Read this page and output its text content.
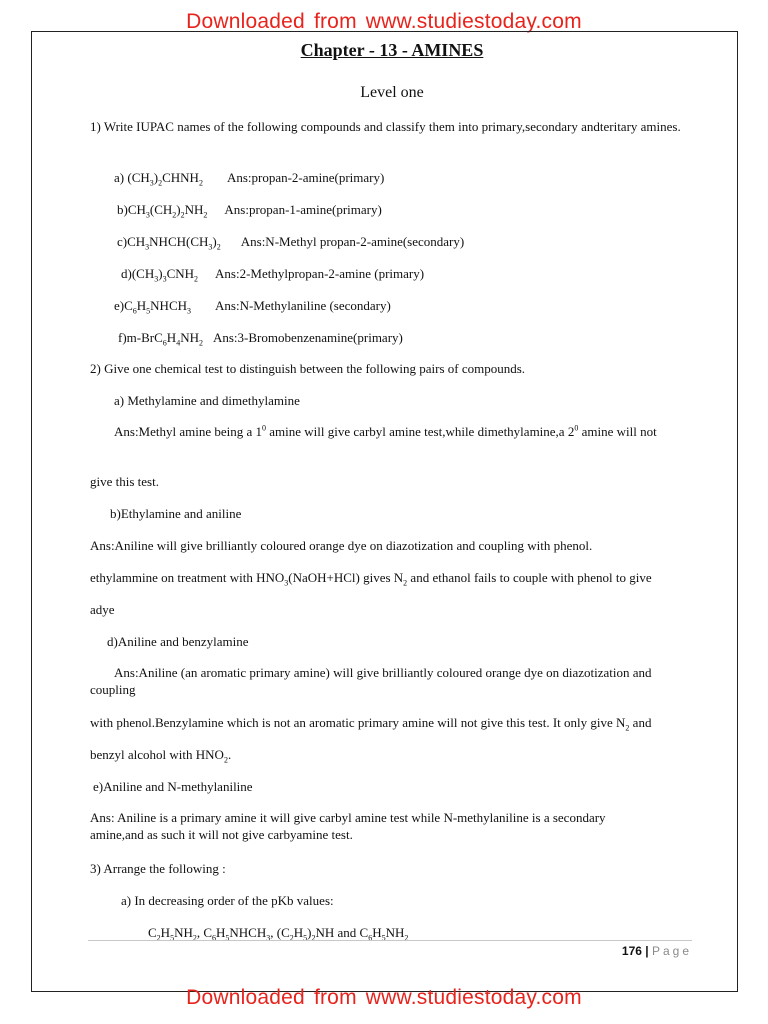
Downloaded from www.studiestoday.com
Chapter - 13 - AMINES
Level one
1) Write IUPAC names of the following compounds and classify them into primary,secondary andteritary amines.
a) $(CH_3)_2CHNH_2$ Ans:propan-2-amine(primary)
$b)CH_3(CH_2)_2NH_2$ Ans:propan-1-amine(primary)
$c)CH_3NHCH(CH_3)_2$ Ans:N-Methyl propan-2-amine(secondary)
$d)(CH_3)_3CNH_2$ Ans:2-Methylpropan-2-amine (primary)
$e)C_6H_5NHCH_3$ Ans:N-Methylaniline (secondary)
$f)m-BrC_6H_4NH_2$ Ans:3-Bromobenzenamine(primary)
2) Give one chemical test to distinguish between the following pairs of compounds.
a) Methylamine and dimethylamine
Ans:Methyl amine being a $1^0$ amine will give carbyl amine test,while dimethylamine,a $2^0$ amine will not
give this test.
b)Ethylamine and aniline
Ans:Aniline will give brilliantly coloured orange dye on diazotization and coupling with phenol.
ethylammine on treatment with $HNO_3(NaOH+HCl)$ gives $N_2$ and ethanol fails to couple with phenol to give
adye
d)Aniline and benzylamine
Ans:Aniline (an aromatic primary amine) will give brilliantly coloured orange dye on diazotization and coupling
with phenol.Benzylamine which is not an aromatic primary amine will not give this test. It only give $N_2$ and
benzyl alcohol with $HNO_2$.
e)Aniline and N-methylaniline
Ans: Aniline is a primary amine it will give carbyl amine test while N-methylaniline is a secondary amine,and as such it will not give carbyamine test.
3) Arrange the following :
a) In decreasing order of the pKb values:
$C_2H_5NH_2$, $C_6H_5NHCH_3$, $(C_2H_5)_2NH$ and $C_6H_5NH_2$
176 | Page
Downloaded from www.studiestoday.com
